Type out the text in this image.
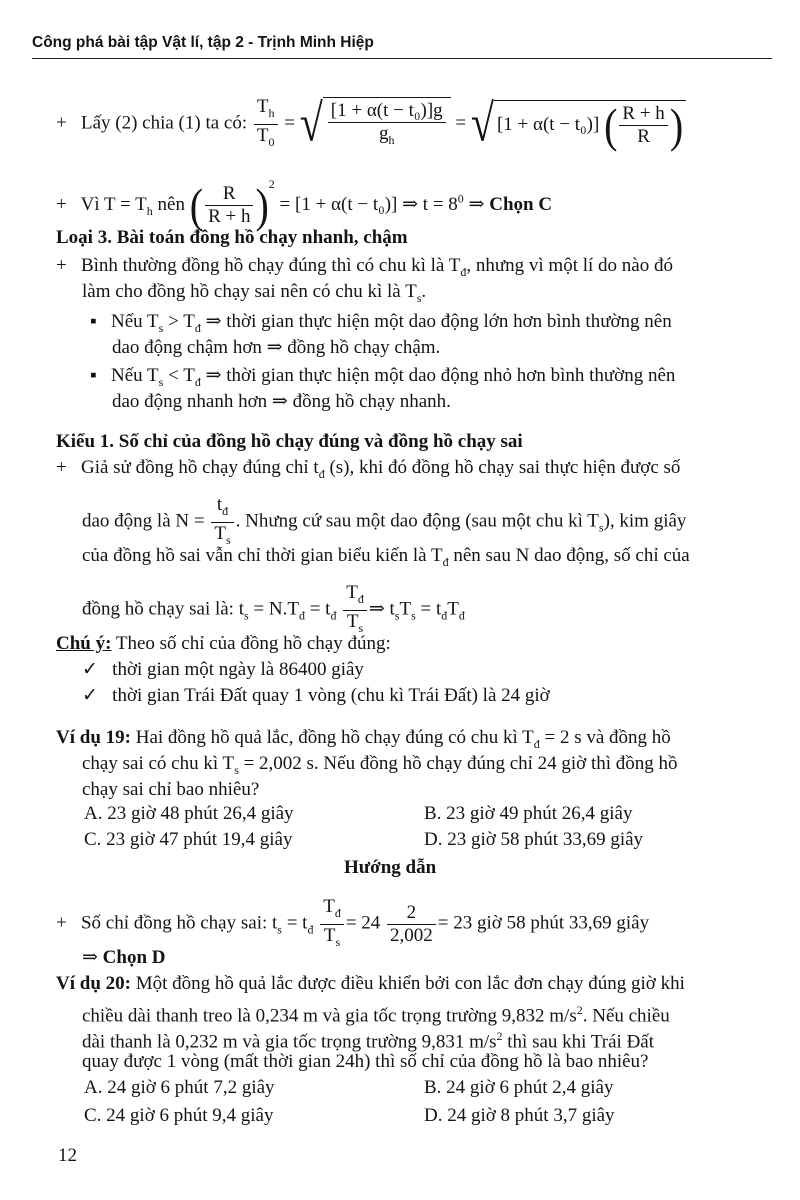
Công phá bài tập Vật lí, tập 2 - Trịnh Minh Hiệp
+ Lấy (2) chia (1) ta có: $\frac{T_h}{T_0}$ = √ $\frac{\text{[1 + α(t − t₀)]g}}{g_h}$ = √ [1 + α(t − t₀)] ( $\frac{R + h}{R}$ )
+ Vì $T = T_h$ nên ( $\frac{R}{R + h} )^2 = [1 + \alpha(t - t_0)]$ ⇒ $t = 8^0$ ⇒ Chọn C
Loại 3. Bài toán đồng hồ chạy nhanh, chậm
+ Bình thường đồng hồ chạy đúng thì có chu kì là $T_đ$, nhưng vì một lí do nào đó
làm cho đồng hồ chạy sai nên có chu kì là $T_s$.
▪ Nếu $T_s > T_đ$ ⇒ thời gian thực hiện một dao động lớn hơn bình thường nên
dao động chậm hơn ⇒ đồng hồ chạy chậm.
▪ Nếu $T_s < T_đ$ ⇒ thời gian thực hiện một dao động nhỏ hơn bình thường nên
dao động nhanh hơn ⇒ đồng hồ chạy nhanh.
Kiểu 1. Số chỉ của đồng hồ chạy đúng và đồng hồ chạy sai
+ Giả sử đồng hồ chạy đúng chỉ $t_đ$ (s), khi đó đồng hồ chạy sai thực hiện được số
dao động là $N = \frac{t_đ}{T_s}$ . Nhưng cứ sau một dao động (sau một chu kì $T_s$), kim giây
của đồng hồ sai vẫn chỉ thời gian biểu kiến là $T_đ$ nên sau N dao động, số chỉ của
đồng hồ chạy sai là: $t_s = N.T_đ = t_đ \frac{T_đ}{T_s}$ ⇒ $t_sT_s = t_đT_đ$
Chú ý: Theo số chỉ của đồng hồ chạy đúng:
✓ thời gian một ngày là 86400 giây
✓ thời gian Trái Đất quay 1 vòng (chu kì Trái Đất) là 24 giờ
Ví dụ 19: Hai đồng hồ quả lắc, đồng hồ chạy đúng có chu kì $T_đ = 2$ s và đồng hồ
chạy sai có chu kì $T_s = 2,002$ s. Nếu đồng hồ chạy đúng chỉ 24 giờ thì đồng hồ
chạy sai chỉ bao nhiêu?
A. 23 giờ 48 phút 26,4 giây	B. 23 giờ 49 phút 26,4 giây
C. 23 giờ 47 phút 19,4 giây	D. 23 giờ 58 phút 33,69 giây
Hướng dẫn
+ Số chỉ đồng hồ chạy sai: $t_s = t_đ \frac{T_đ}{T_s} = 24 \frac{2}{2,002} = 23$ giờ 58 phút 33,69 giây
⇒ Chọn D
Ví dụ 20: Một đồng hồ quả lắc được điều khiển bởi con lắc đơn chạy đúng giờ khi
chiều dài thanh treo là 0,234 m và gia tốc trọng trường 9,832 $m/s^2$. Nếu chiều
dài thanh là 0,232 m và gia tốc trọng trường 9,831 $m/s^2$ thì sau khi Trái Đất
quay được 1 vòng (mất thời gian 24h) thì số chỉ của đồng hồ là bao nhiêu?
A. 24 giờ 6 phút 7,2 giây	B. 24 giờ 6 phút 2,4 giây
C. 24 giờ 6 phút 9,4 giây	D. 24 giờ 8 phút 3,7 giây
12
